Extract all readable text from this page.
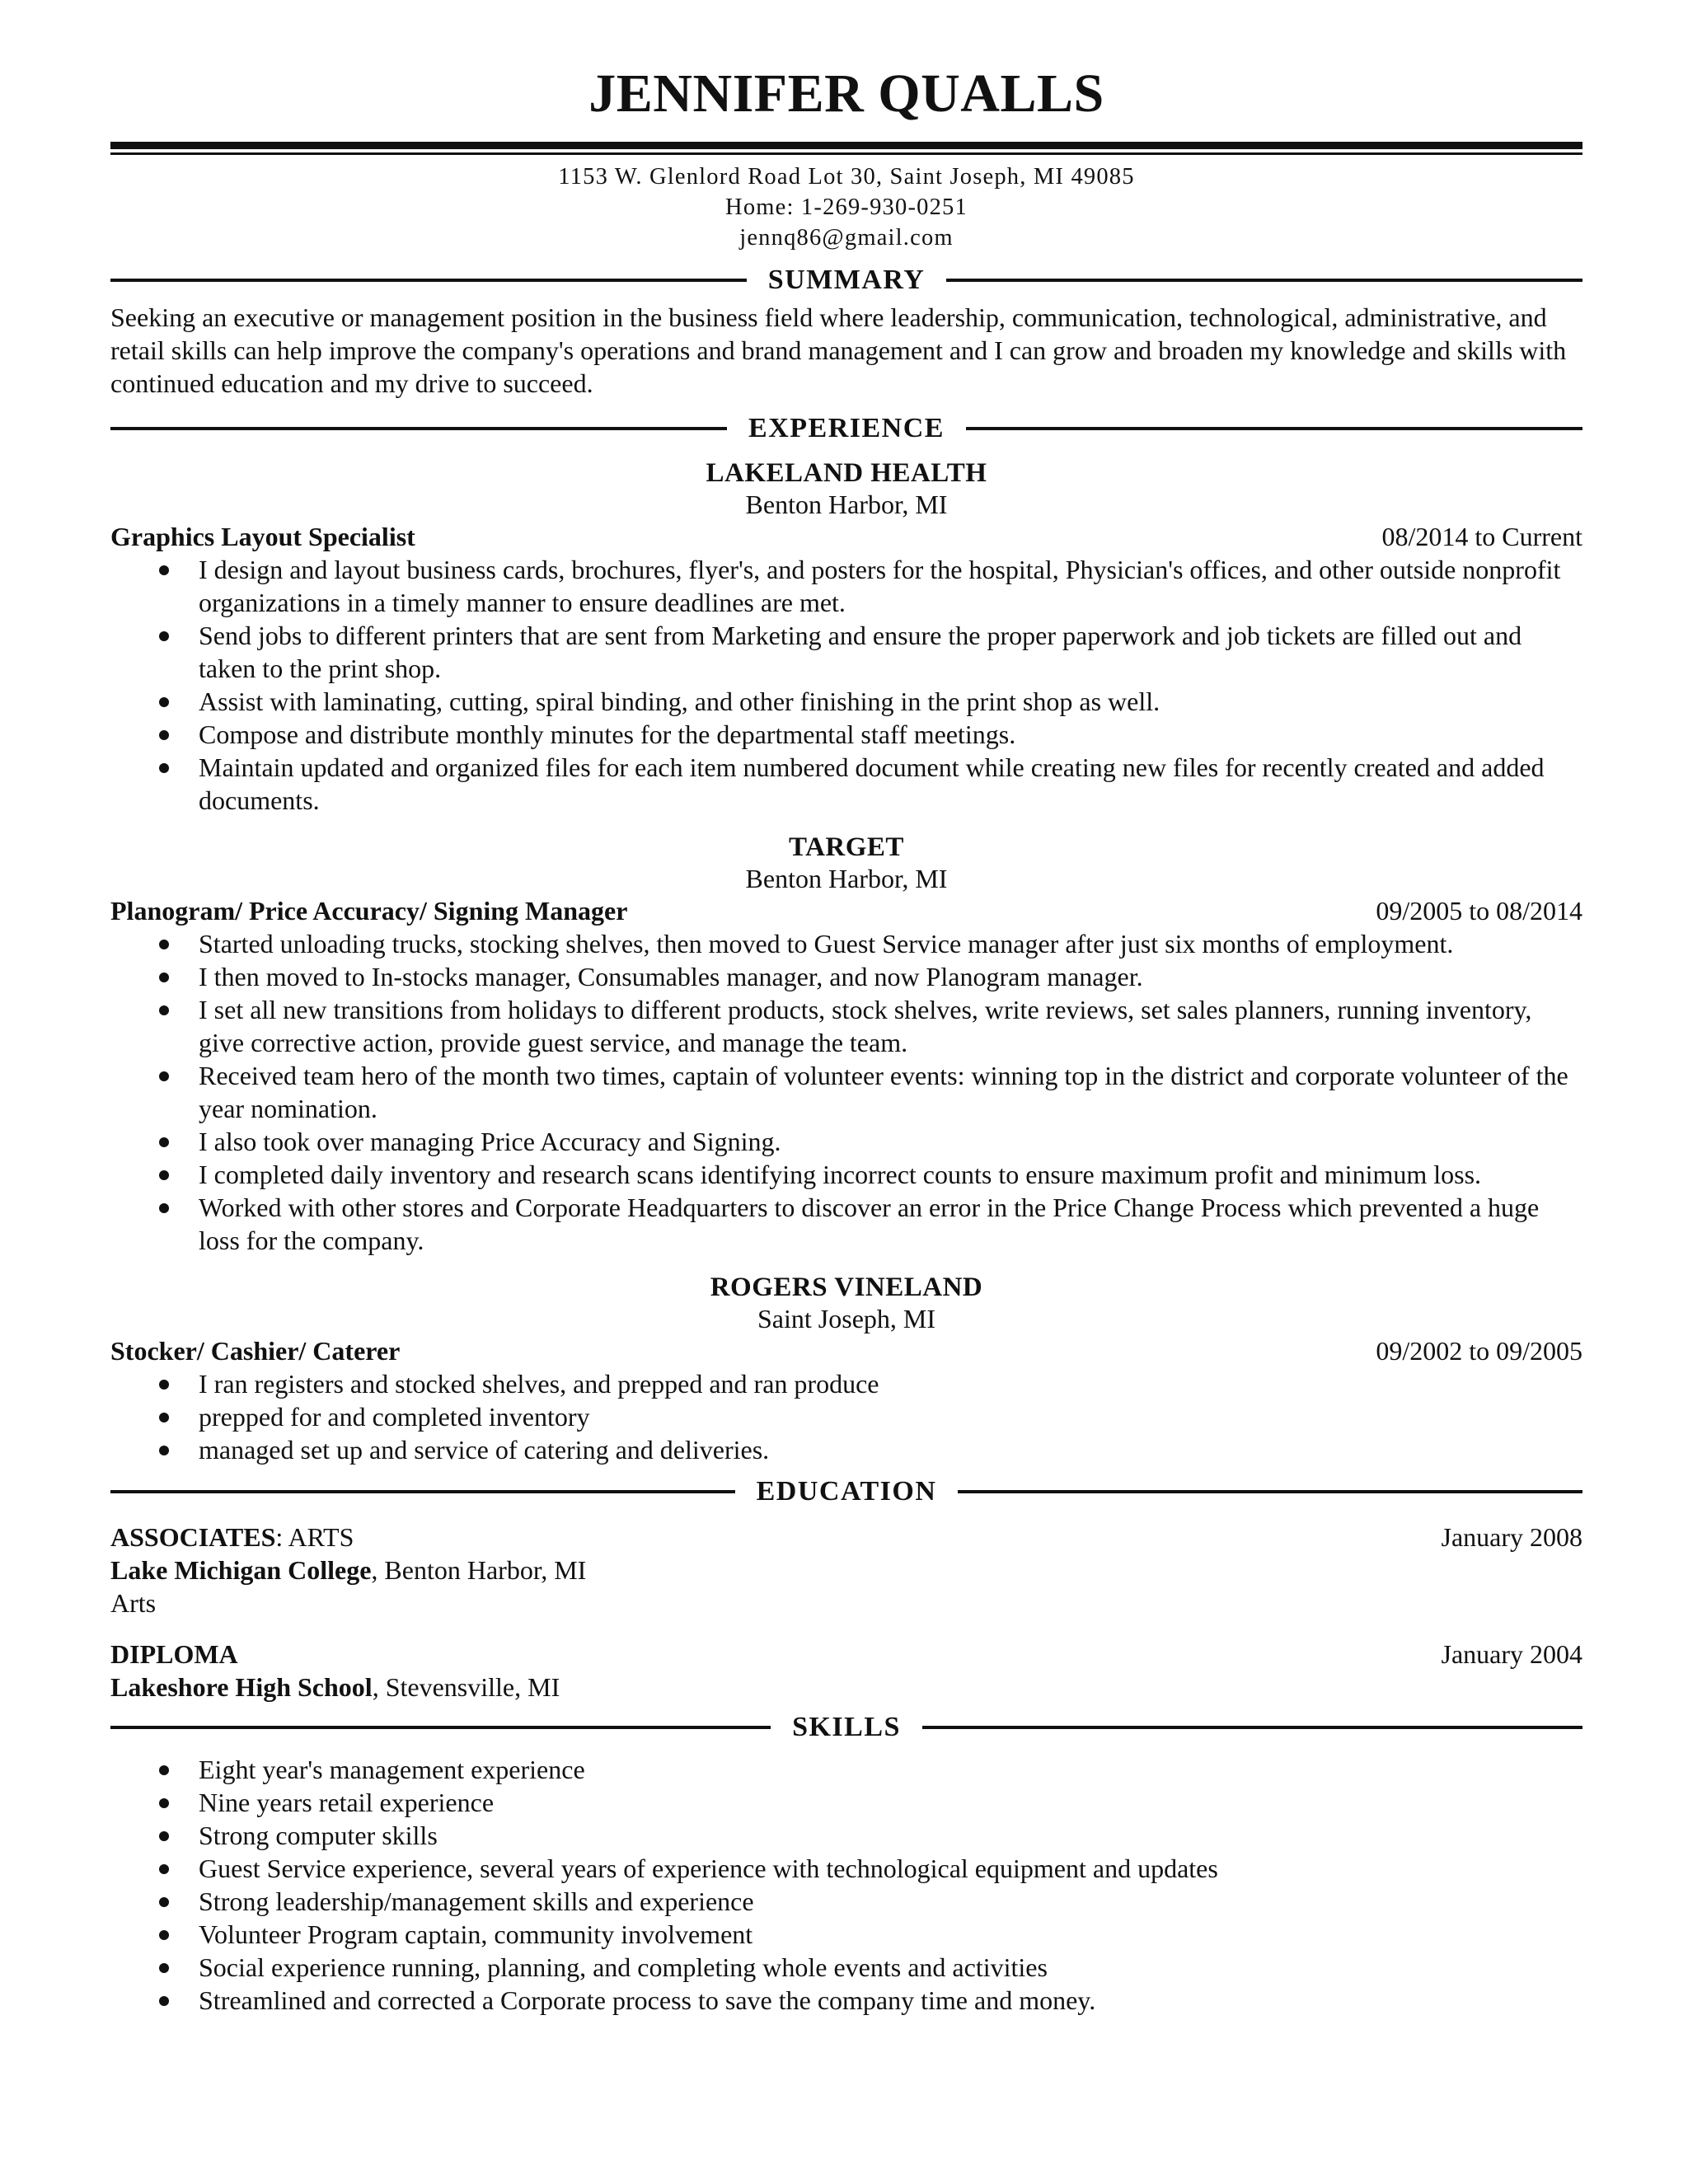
JENNIFER QUALLS
1153 W. Glenlord Road Lot 30, Saint Joseph, MI 49085
Home: 1-269-930-0251
jennq86@gmail.com
SUMMARY
Seeking an executive or management position in the business field where leadership, communication, technological, administrative, and retail skills can help improve the company's operations and brand management and I can grow and broaden my knowledge and skills with continued education and my drive to succeed.
EXPERIENCE
LAKELAND HEALTH
Benton Harbor, MI
Graphics Layout Specialist	08/2014 to Current
I design and layout business cards, brochures, flyer's, and posters for the hospital, Physician's offices, and other outside nonprofit organizations in a timely manner to ensure deadlines are met.
Send jobs to different printers that are sent from Marketing and ensure the proper paperwork and job tickets are filled out and taken to the print shop.
Assist with laminating, cutting, spiral binding, and other finishing in the print shop as well.
Compose and distribute monthly minutes for the departmental staff meetings.
Maintain updated and organized files for each item numbered document while creating new files for recently created and added documents.
TARGET
Benton Harbor, MI
Planogram/ Price Accuracy/ Signing Manager	09/2005 to 08/2014
Started unloading trucks, stocking shelves, then moved to Guest Service manager after just six months of employment.
I then moved to In-stocks manager, Consumables manager, and now Planogram manager.
I set all new transitions from holidays to different products, stock shelves, write reviews, set sales planners, running inventory, give corrective action, provide guest service, and manage the team.
Received team hero of the month two times, captain of volunteer events: winning top in the district and corporate volunteer of the year nomination.
I also took over managing Price Accuracy and Signing.
I completed daily inventory and research scans identifying incorrect counts to ensure maximum profit and minimum loss.
Worked with other stores and Corporate Headquarters to discover an error in the Price Change Process which prevented a huge loss for the company.
ROGERS VINELAND
Saint Joseph, MI
Stocker/ Cashier/ Caterer	09/2002 to 09/2005
I ran registers and stocked shelves, and prepped and ran produce
prepped for and completed inventory
managed set up and service of catering and deliveries.
EDUCATION
ASSOCIATES: ARTS	January 2008
Lake Michigan College, Benton Harbor, MI
Arts
DIPLOMA	January 2004
Lakeshore High School, Stevensville, MI
SKILLS
Eight year's management experience
Nine years retail experience
Strong computer skills
Guest Service experience, several years of experience with technological equipment and updates
Strong leadership/management skills and experience
Volunteer Program captain, community involvement
Social experience running, planning, and completing whole events and activities
Streamlined and corrected a Corporate process to save the company time and money.
